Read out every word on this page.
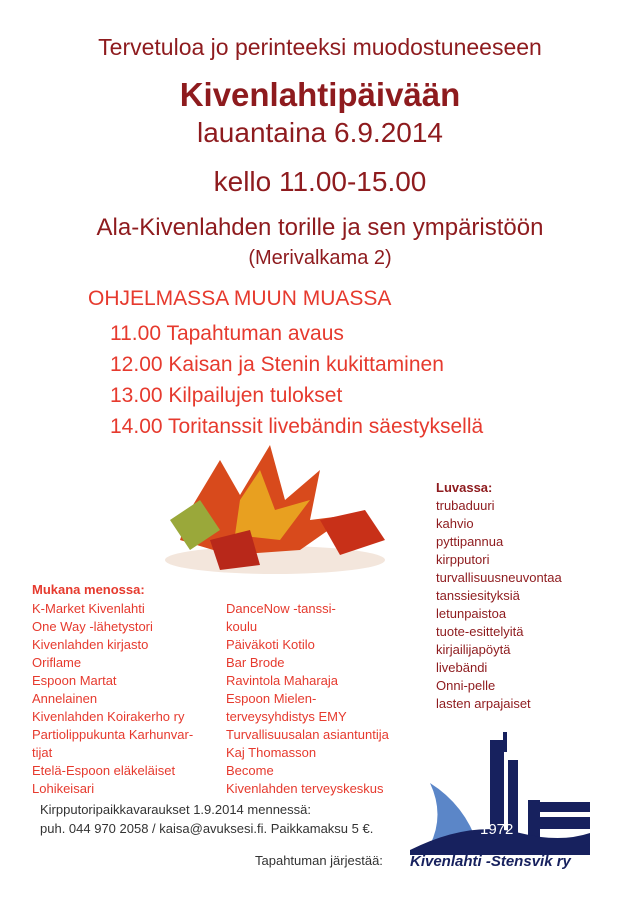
Tervetuloa jo perinteeksi muodostuneeseen
Kivenlahtipäivään
lauantaina 6.9.2014
kello 11.00-15.00
Ala-Kivenlahden torille ja sen ympäristöön
(Merivalkama 2)
OHJELMASSA MUUN MUASSA
11.00 Tapahtuman avaus
12.00 Kaisan ja Stenin kukittaminen
13.00 Kilpailujen tulokset
14.00 Toritanssit livebändin säestyksellä
Mukana menossa:
K-Market Kivenlahti
One Way -lähetystori
Kivenlahden kirjasto
Oriflame
Espoon Martat
Annelainen
Kivenlahden Koirakerho ry
Partiolippukunta Karhunvar-
tijat
Etelä-Espoon eläkeläiset
Lohikeisari
DanceNow -tanssi-
koulu
Päiväkoti Kotilo
Bar Brode
Ravintola Maharaja
Espoon Mielen-
terveysyhdistys EMY
Turvallisuusalan asiantuntija
Kaj Thomasson
Become
Kivenlahden terveyskeskus
Luvassa:
trubaduuri
kahvio
pyttipannua
kirpputori
turvallisuusneuvontaa
tanssiesityksiä
letunpaistoa
tuote-esittelyitä
kirjailijapöytä
livebändi
Onni-pelle
lasten arpajaiset
Kirpputoripaikkavaraukset 1.9.2014 mennessä:
puh. 044 970 2058 / kaisa@avuksesi.fi. Paikkamaksu 5 €.
Tapahtuman järjestää:
1972
Kivenlahti -Stensvik ry
